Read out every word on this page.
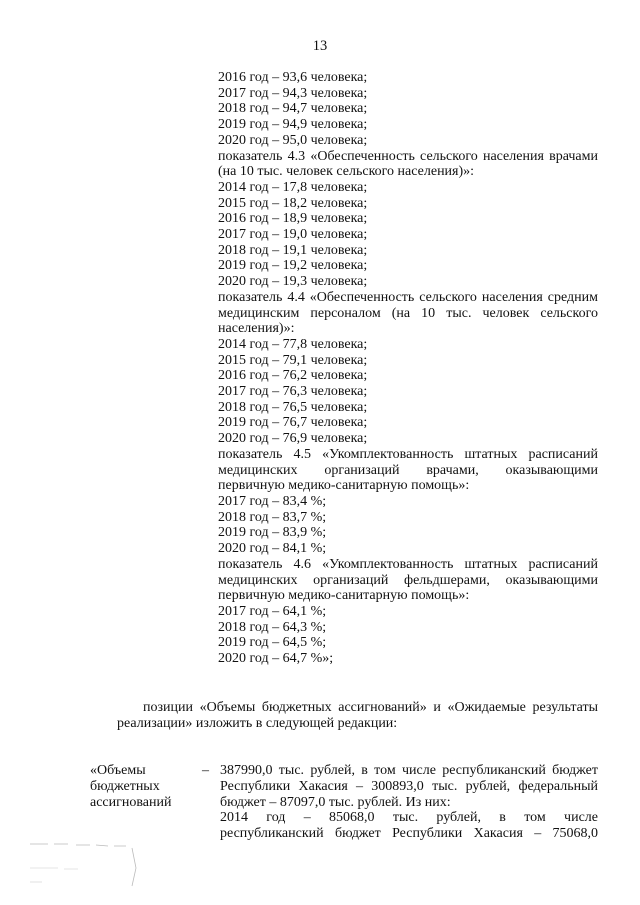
13
2016 год – 93,6 человека;
2017 год – 94,3 человека;
2018 год – 94,7 человека;
2019 год – 94,9 человека;
2020 год – 95,0 человека;
показатель 4.3 «Обеспеченность сельского населения врачами
(на 10 тыс. человек сельского населения)»:
2014 год – 17,8 человека;
2015 год – 18,2 человека;
2016 год – 18,9 человека;
2017 год – 19,0 человека;
2018 год – 19,1 человека;
2019 год – 19,2 человека;
2020 год – 19,3 человека;
показатель 4.4 «Обеспеченность сельского населения средним
медицинским персоналом (на 10 тыс. человек сельского
населения)»:
2014 год – 77,8 человека;
2015 год – 79,1 человека;
2016 год – 76,2 человека;
2017 год – 76,3 человека;
2018 год – 76,5 человека;
2019 год – 76,7 человека;
2020 год – 76,9 человека;
показатель 4.5 «Укомплектованность штатных расписаний
медицинских организаций врачами, оказывающими
первичную медико-санитарную помощь»:
2017 год – 83,4 %;
2018 год – 83,7 %;
2019 год – 83,9 %;
2020 год – 84,1 %;
показатель 4.6 «Укомплектованность штатных расписаний
медицинских организаций фельдшерами, оказывающими
первичную медико-санитарную помощь»:
2017 год – 64,1 %;
2018 год – 64,3 %;
2019 год – 64,5 %;
2020 год – 64,7 %»;
позиции «Объемы бюджетных ассигнований» и «Ожидаемые результаты
реализации» изложить в следующей редакции:
«Объемы
бюджетных
ассигнований
– 387990,0 тыс. рублей, в том числе республиканский бюджет
Республики Хакасия – 300893,0 тыс. рублей, федеральный
бюджет – 87097,0 тыс. рублей. Из них:
2014 год – 85068,0 тыс. рублей, в том числе
республиканский бюджет Республики Хакасия – 75068,0
